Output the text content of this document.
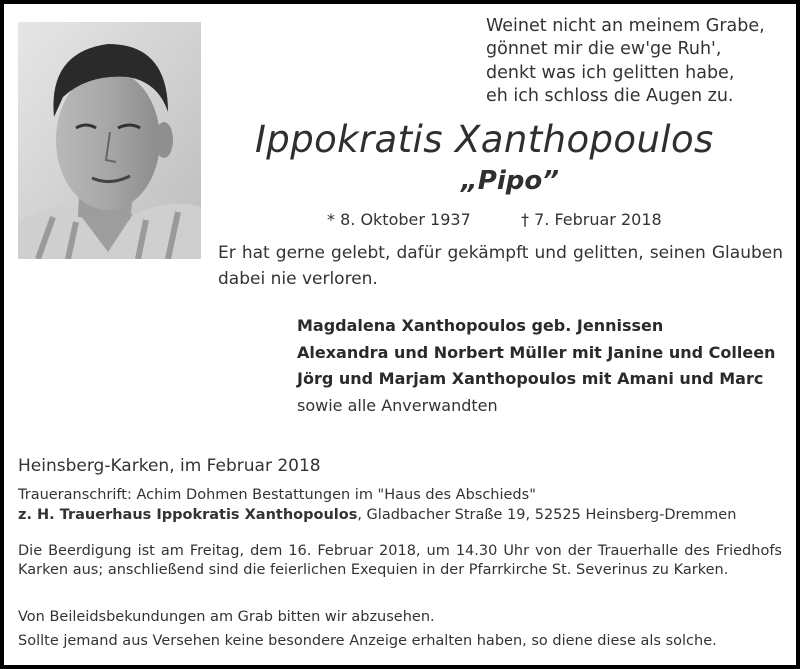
Weinet nicht an meinem Grabe,
gönnet mir die ew'ge Ruh',
denkt was ich gelitten habe,
eh ich schloss die Augen zu.
Ippokratis Xanthopoulos
„Pipo”
* 8. Oktober 1937	† 7. Februar 2018
Er hat gerne gelebt, dafür gekämpft und gelitten, seinen Glauben dabei nie verloren.
Magdalena Xanthopoulos geb. Jennissen
Alexandra und Norbert Müller mit Janine und Colleen
Jörg und Marjam Xanthopoulos mit Amani und Marc
sowie alle Anverwandten
Heinsberg-Karken, im Februar 2018
Traueranschrift: Achim Dohmen Bestattungen im "Haus des Abschieds"
z. H. Trauerhaus Ippokratis Xanthopoulos, Gladbacher Straße 19, 52525 Heinsberg-Dremmen
Die Beerdigung ist am Freitag, dem 16. Februar 2018, um 14.30 Uhr von der Trauerhalle des Friedhofs Karken aus; anschließend sind die feierlichen Exequien in der Pfarrkirche St. Severinus zu Karken.
Von Beileidsbekundungen am Grab bitten wir abzusehen.
Sollte jemand aus Versehen keine besondere Anzeige erhalten haben, so diene diese als solche.
